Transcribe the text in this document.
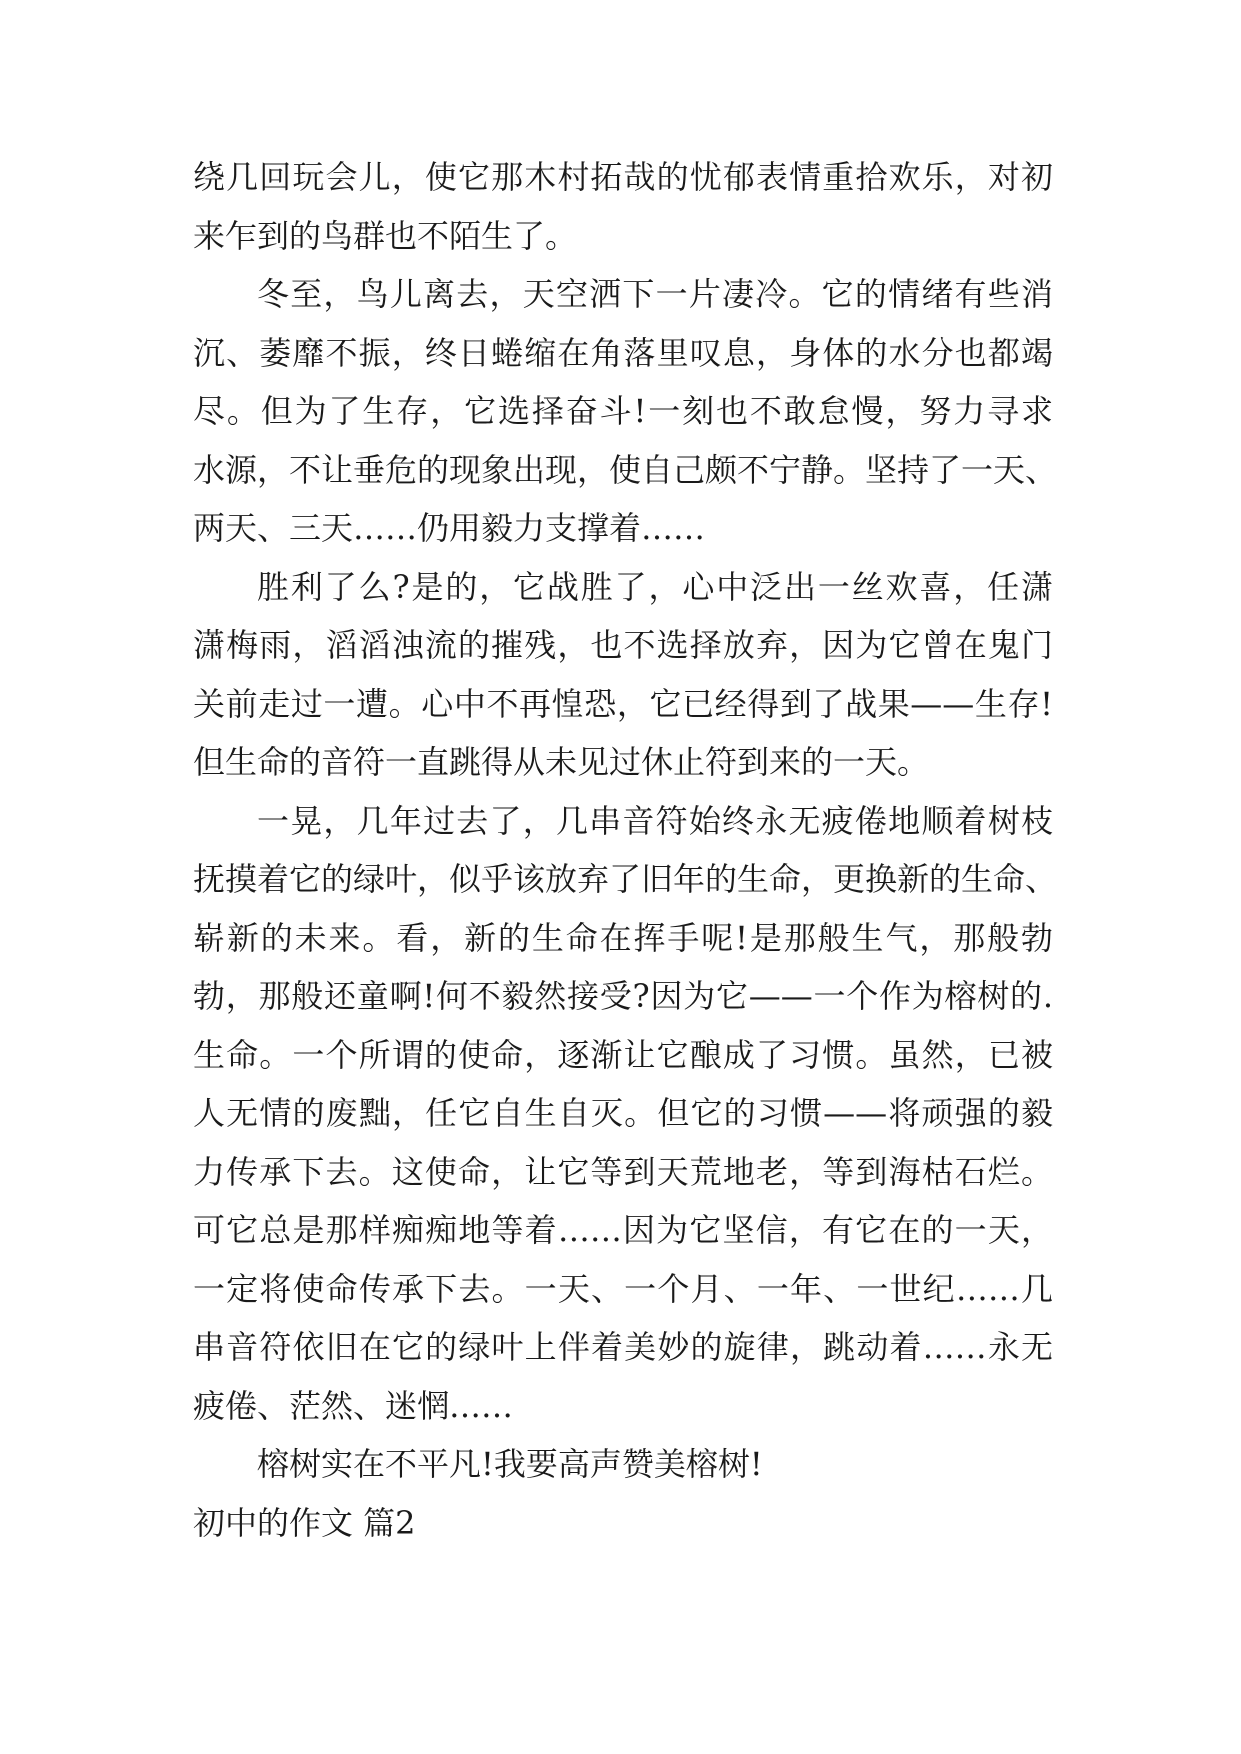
绕几回玩会儿，使它那木村拓哉的忧郁表情重拾欢乐，对初
来乍到的鸟群也不陌生了。
冬至，鸟儿离去，天空洒下一片凄冷。它的情绪有些消
沉、萎靡不振，终日蜷缩在角落里叹息，身体的水分也都竭
尽。但为了生存，它选择奋斗!一刻也不敢怠慢，努力寻求
水源，不让垂危的现象出现，使自己颇不宁静。坚持了一天、
两天、三天……仍用毅力支撑着……
胜利了么?是的，它战胜了，心中泛出一丝欢喜，任潇
潇梅雨，滔滔浊流的摧残，也不选择放弃，因为它曾在鬼门
关前走过一遭。心中不再惶恐，它已经得到了战果——生存!
但生命的音符一直跳得从未见过休止符到来的一天。
一晃，几年过去了，几串音符始终永无疲倦地顺着树枝
抚摸着它的绿叶，似乎该放弃了旧年的生命，更换新的生命、
崭新的未来。看，新的生命在挥手呢!是那般生气，那般勃
勃，那般还童啊!何不毅然接受?因为它——一个作为榕树的.
生命。一个所谓的使命，逐渐让它酿成了习惯。虽然，已被
人无情的废黜，任它自生自灭。但它的习惯——将顽强的毅
力传承下去。这使命，让它等到天荒地老，等到海枯石烂。
可它总是那样痴痴地等着……因为它坚信，有它在的一天，
一定将使命传承下去。一天、一个月、一年、一世纪……几
串音符依旧在它的绿叶上伴着美妙的旋律，跳动着……永无
疲倦、茫然、迷惘……
榕树实在不平凡!我要高声赞美榕树!
初中的作文 篇2
